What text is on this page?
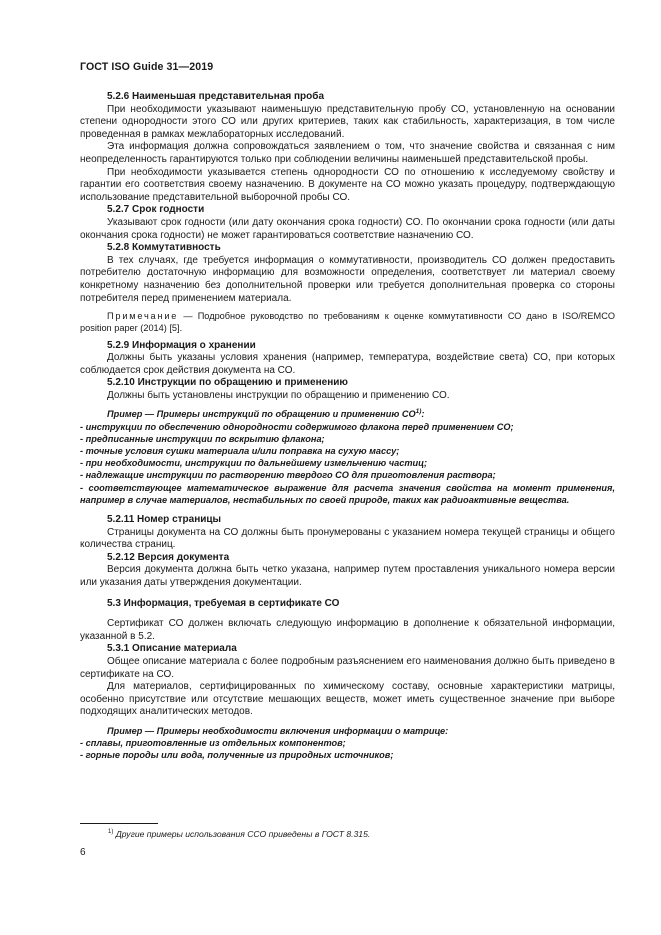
ГОСТ ISO Guide 31—2019

5.2.6 Наименьшая представительная проба

При необходимости указывают наименьшую представительную пробу СО, установленную на основании степени однородности этого СО или других критериев, таких как стабильность, характеризация, в том числе проведенная в рамках межлабораторных исследований.

Эта информация должна сопровождаться заявлением о том, что значение свойства и связанная с ним неопределенность гарантируются только при соблюдении величины наименьшей представительской пробы.

При необходимости указывается степень однородности СО по отношению к исследуемому свойству и гарантии его соответствия своему назначению. В документе на СО можно указать процедуру, подтверждающую использование представительной выборочной пробы СО.

5.2.7 Срок годности

Указывают срок годности (или дату окончания срока годности) СО. По окончании срока годности (или даты окончания срока годности) не может гарантироваться соответствие назначению СО.

5.2.8 Коммутативность

В тех случаях, где требуется информация о коммутативности, производитель СО должен предоставить потребителю достаточную информацию для возможности определения, соответствует ли материал своему конкретному назначению без дополнительной проверки или требуется дополнительная проверка со стороны потребителя перед применением материала.

Примечание — Подробное руководство по требованиям к оценке коммутативности СО дано в ISO/REMCO position paper (2014) [5].

5.2.9 Информация о хранении

Должны быть указаны условия хранения (например, температура, воздействие света) СО, при которых соблюдается срок действия документа на СО.

5.2.10 Инструкции по обращению и применению

Должны быть установлены инструкции по обращению и применению СО.

Пример — Примеры инструкций по обращению и применению СО$^{1)}$:

- инструкции по обеспечению однородности содержимого флакона перед применением СО;

- предписанные инструкции по вскрытию флакона;

- точные условия сушки материала и/или поправка на сухую массу;

- при необходимости, инструкции по дальнейшему измельчению частиц;

- надлежащие инструкции по растворению твердого СО для приготовления раствора;

- соответствующее математическое выражение для расчета значения свойства на момент применения, например в случае материалов, нестабильных по своей природе, таких как радиоактивные вещества.

5.2.11 Номер страницы

Страницы документа на СО должны быть пронумерованы с указанием номера текущей страницы и общего количества страниц.

5.2.12 Версия документа

Версия документа должна быть четко указана, например путем проставления уникального номера версии или указания даты утверждения документации.

5.3 Информация, требуемая в сертификате СО

Сертификат СО должен включать следующую информацию в дополнение к обязательной информации, указанной в 5.2.

5.3.1 Описание материала

Общее описание материала с более подробным разъяснением его наименования должно быть приведено в сертификате на СО.

Для материалов, сертифицированных по химическому составу, основные характеристики матрицы, особенно присутствие или отсутствие мешающих веществ, может иметь существенное значение при выборе подходящих аналитических методов.

Пример — Примеры необходимости включения информации о матрице:

- сплавы, приготовленные из отдельных компонентов;

- горные породы или вода, полученные из природных источников;

$^{1)}$ Другие примеры использования ССО приведены в ГОСТ 8.315.
6
